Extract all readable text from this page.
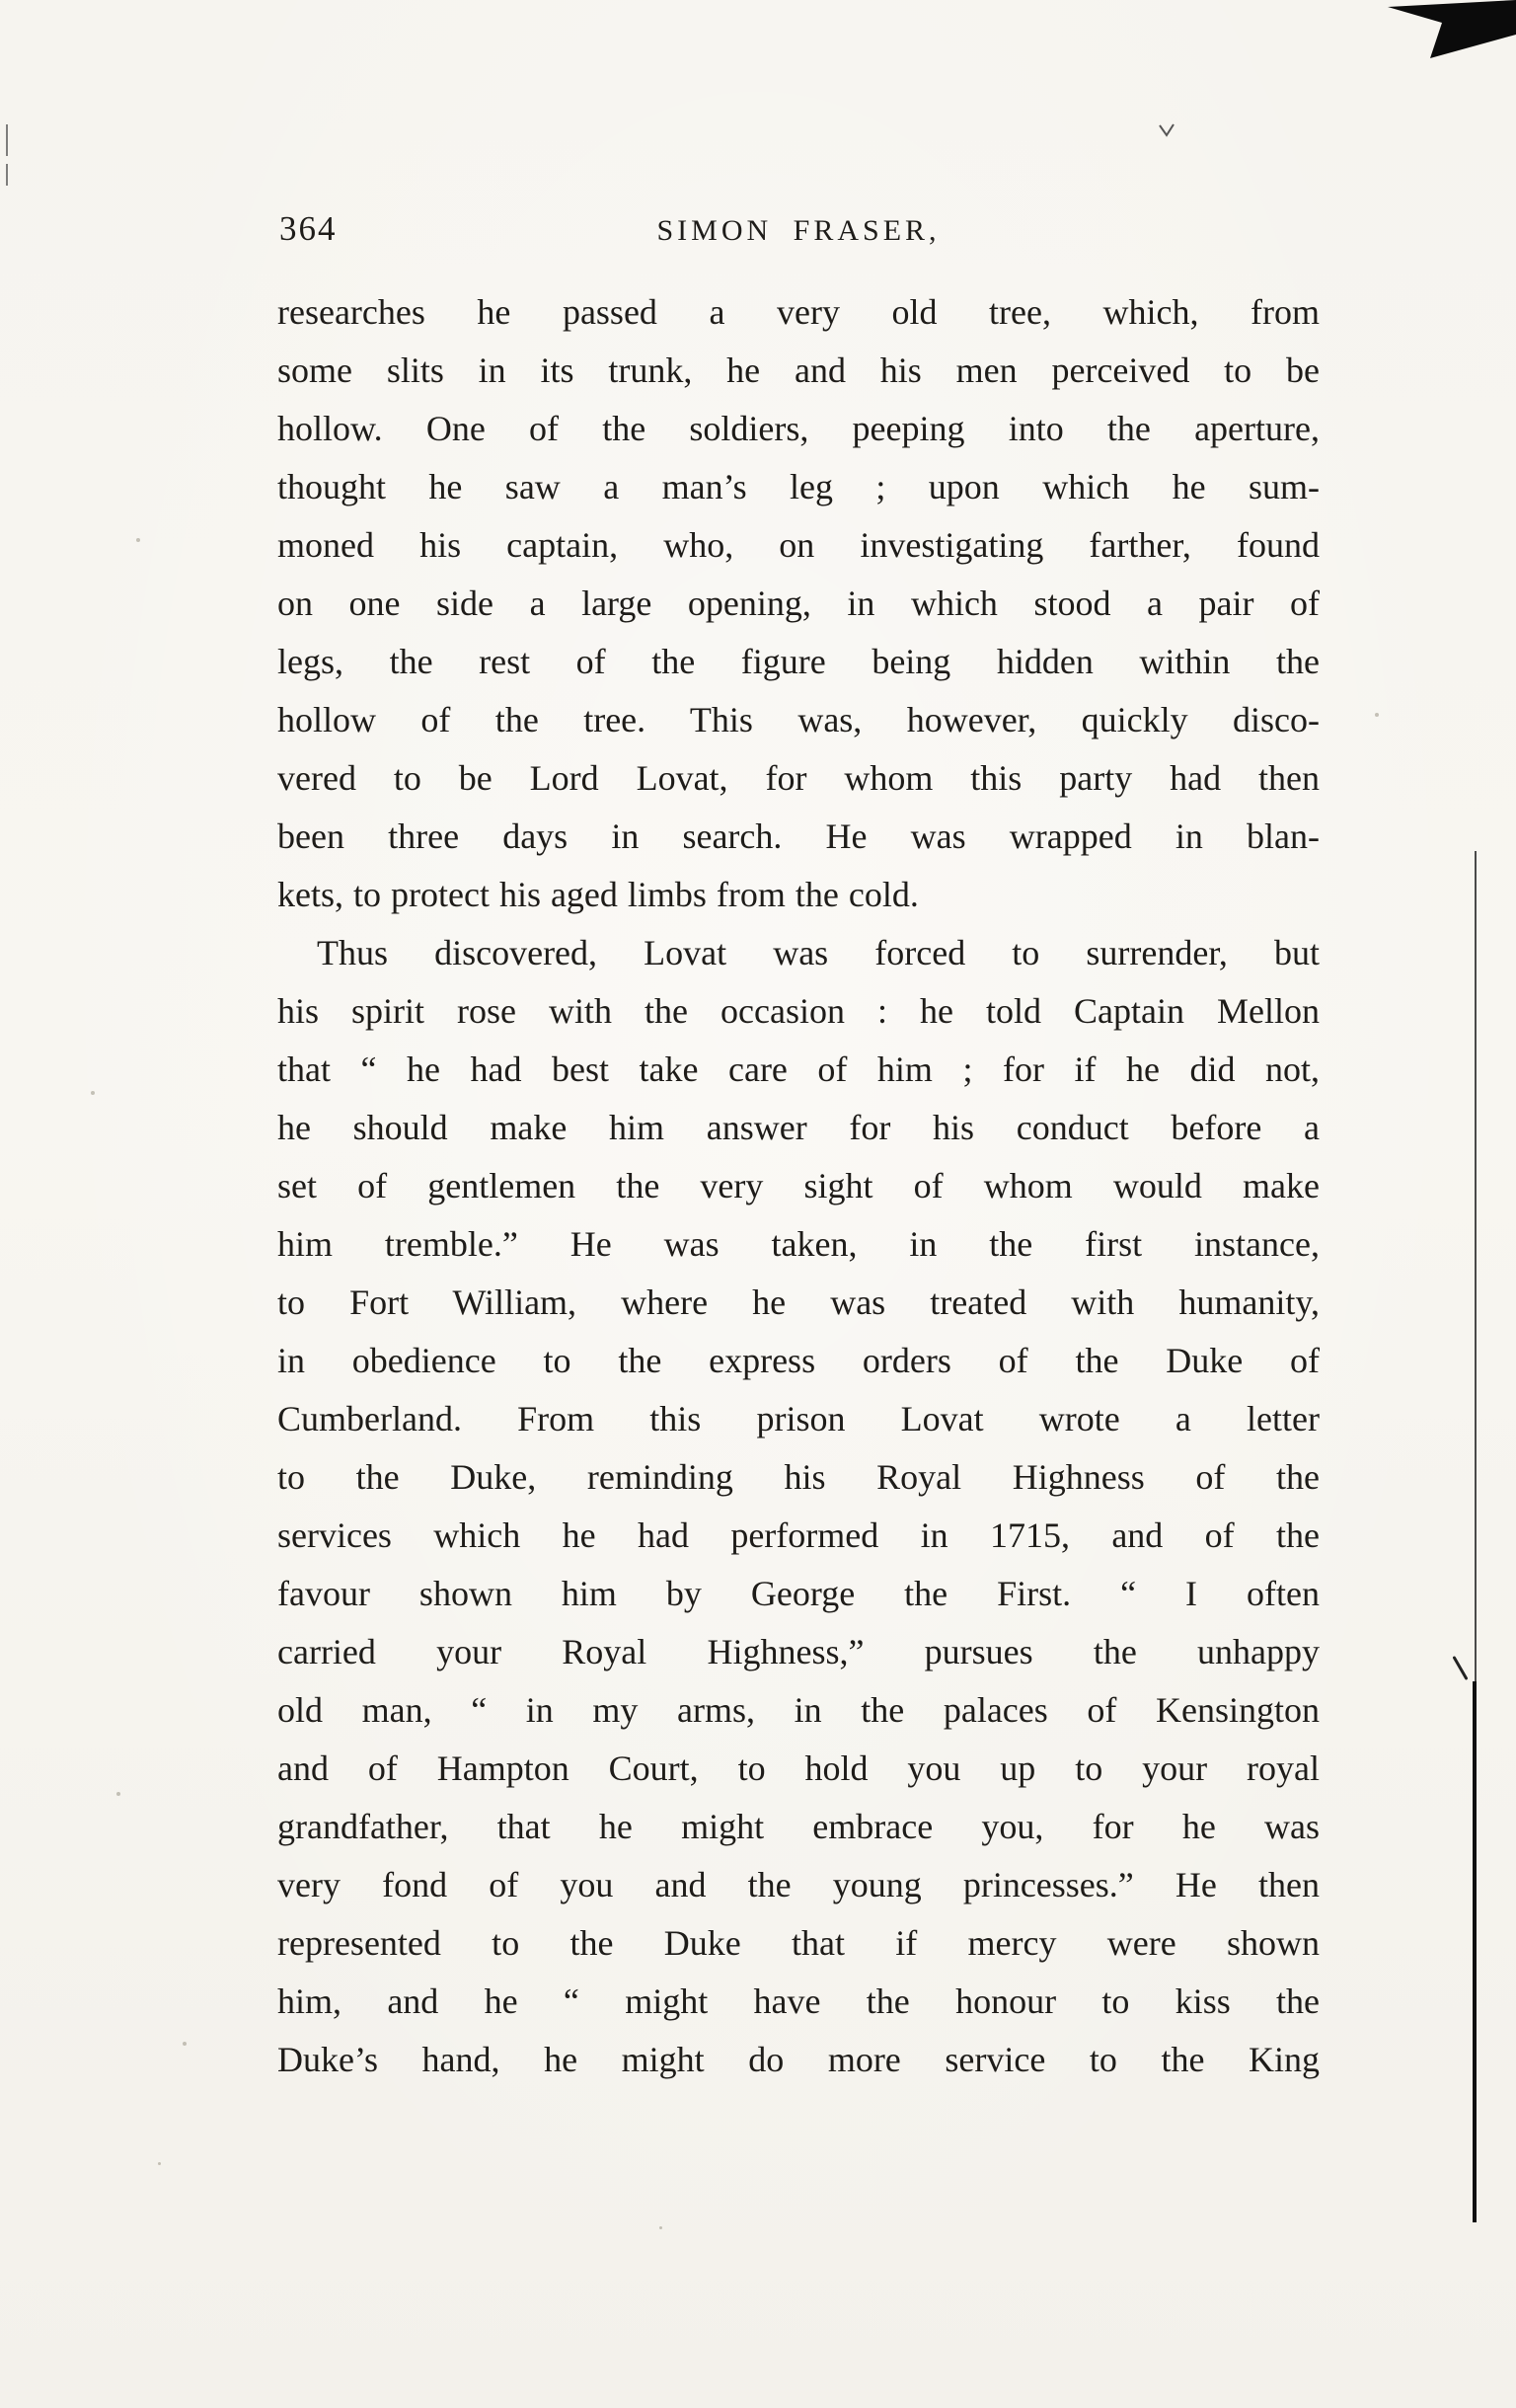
364	SIMON FRASER,
researches he passed a very old tree, which, from
some slits in its trunk, he and his men perceived to be
hollow. One of the soldiers, peeping into the aperture,
thought he saw a man’s leg ; upon which he sum-
moned his captain, who, on investigating farther, found
on one side a large opening, in which stood a pair of
legs, the rest of the figure being hidden within the
hollow of the tree. This was, however, quickly disco-
vered to be Lord Lovat, for whom this party had then
been three days in search. He was wrapped in blan-
kets, to protect his aged limbs from the cold.
Thus discovered, Lovat was forced to surrender, but
his spirit rose with the occasion : he told Captain Mellon
that “ he had best take care of him ; for if he did not,
he should make him answer for his conduct before a
set of gentlemen the very sight of whom would make
him tremble.” He was taken, in the first instance,
to Fort William, where he was treated with humanity,
in obedience to the express orders of the Duke of
Cumberland. From this prison Lovat wrote a letter
to the Duke, reminding his Royal Highness of the
services which he had performed in 1715, and of the
favour shown him by George the First. “ I often
carried your Royal Highness,” pursues the unhappy
old man, “ in my arms, in the palaces of Kensington
and of Hampton Court, to hold you up to your royal
grandfather, that he might embrace you, for he was
very fond of you and the young princesses.” He then
represented to the Duke that if mercy were shown
him, and he “ might have the honour to kiss the
Duke’s hand, he might do more service to the King
